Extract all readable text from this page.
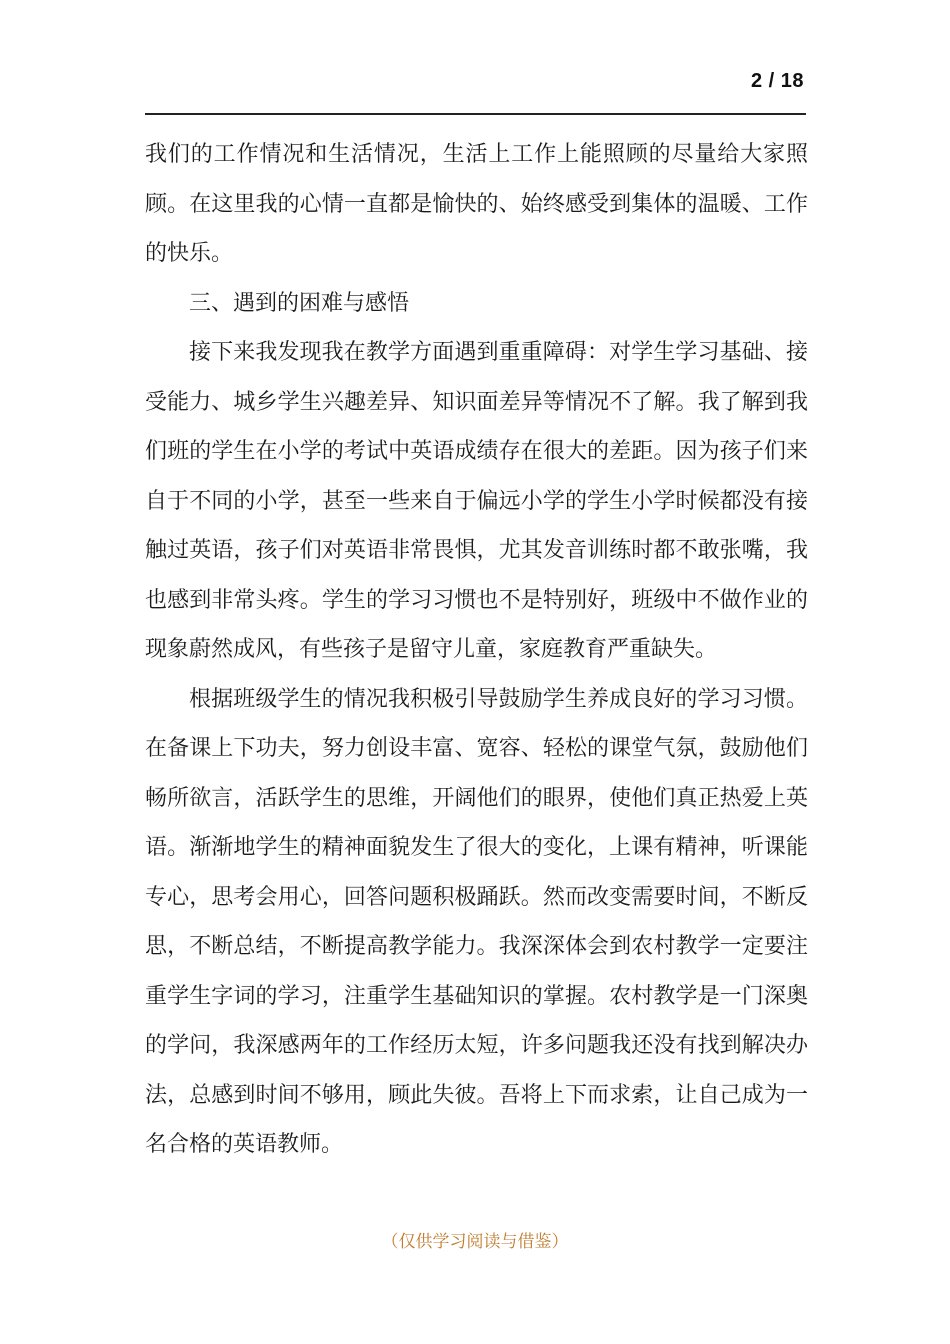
2 / 18

我们的工作情况和生活情况，生活上工作上能照顾的尽量给大家照顾。在这里我的心情一直都是愉快的、始终感受到集体的温暖、工作的快乐。

三、遇到的困难与感悟

接下来我发现我在教学方面遇到重重障碍：对学生学习基础、接受能力、城乡学生兴趣差异、知识面差异等情况不了解。我了解到我们班的学生在小学的考试中英语成绩存在很大的差距。因为孩子们来自于不同的小学，甚至一些来自于偏远小学的学生小学时候都没有接触过英语，孩子们对英语非常畏惧，尤其发音训练时都不敢张嘴，我也感到非常头疼。学生的学习习惯也不是特别好，班级中不做作业的现象蔚然成风，有些孩子是留守儿童，家庭教育严重缺失。

根据班级学生的情况我积极引导鼓励学生养成良好的学习习惯。在备课上下功夫，努力创设丰富、宽容、轻松的课堂气氛，鼓励他们畅所欲言，活跃学生的思维，开阔他们的眼界，使他们真正热爱上英语。渐渐地学生的精神面貌发生了很大的变化，上课有精神，听课能专心，思考会用心，回答问题积极踊跃。然而改变需要时间，不断反思，不断总结，不断提高教学能力。我深深体会到农村教学一定要注重学生字词的学习，注重学生基础知识的掌握。农村教学是一门深奥的学问，我深感两年的工作经历太短，许多问题我还没有找到解决办法，总感到时间不够用，顾此失彼。吾将上下而求索，让自己成为一名合格的英语教师。

（仅供学习阅读与借鉴）
